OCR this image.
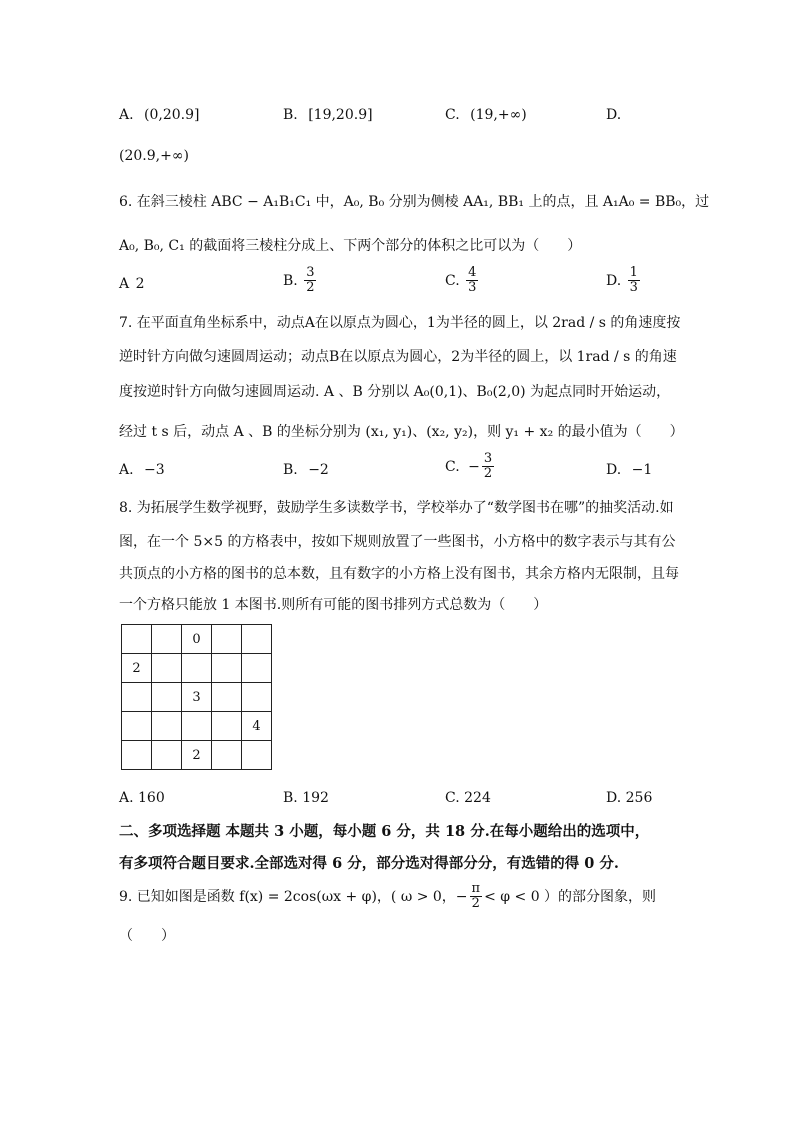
A. (0,20.9]	B. [19,20.9]	C. (19,+∞)	D.
(20.9,+∞)
6. 在斜三棱柱 ABC − A₁B₁C₁ 中，A₀, B₀ 分别为侧棱 AA₁, BB₁ 上的点，且 A₁A₀ = BB₀，过
A₀, B₀, C₁ 的截面将三棱柱分成上、下两个部分的体积之比可以为（　　）
A 2	B. $\frac{3}{2}$	C. $\frac{4}{3}$	D. $\frac{1}{3}$
7. 在平面直角坐标系中，动点A在以原点为圆心，1为半径的圆上，以 2rad / s 的角速度按
逆时针方向做匀速圆周运动；动点B在以原点为圆心，2为半径的圆上，以 1rad / s 的角速
度按逆时针方向做匀速圆周运动. A 、B 分别以 A₀(0,1)、B₀(2,0) 为起点同时开始运动，
经过 t s 后，动点 A 、B 的坐标分别为 (x₁, y₁)、(x₂, y₂)，则 y₁ + x₂ 的最小值为（　　）
A. −3	B. −2	C. − $\frac{3}{2}$	D. −1
8. 为拓展学生数学视野，鼓励学生多读数学书，学校举办了“数学图书在哪”的抽奖活动.如
图，在一个 5×5 的方格表中，按如下规则放置了一些图书，小方格中的数字表示与其有公
共顶点的小方格的图书的总本数，且有数字的小方格上没有图书，其余方格内无限制，且每
一个方格只能放 1 本图书.则所有可能的图书排列方式总数为（　　）
		0		
2				
		3		
				4
		2		
A. 160	B. 192	C. 224	D. 256
二、多项选择题 本题共 3 小题，每小题 6 分，共 18 分.在每小题给出的选项中，
有多项符合题目要求.全部选对得 6 分，部分选对得部分分，有选错的得 0 分.
9. 已知如图是函数 f(x) = 2cos(ωx + φ)，( ω > 0，− $\frac{\pi}{2} < \varphi < 0$ ）的部分图象，则
（　　）
